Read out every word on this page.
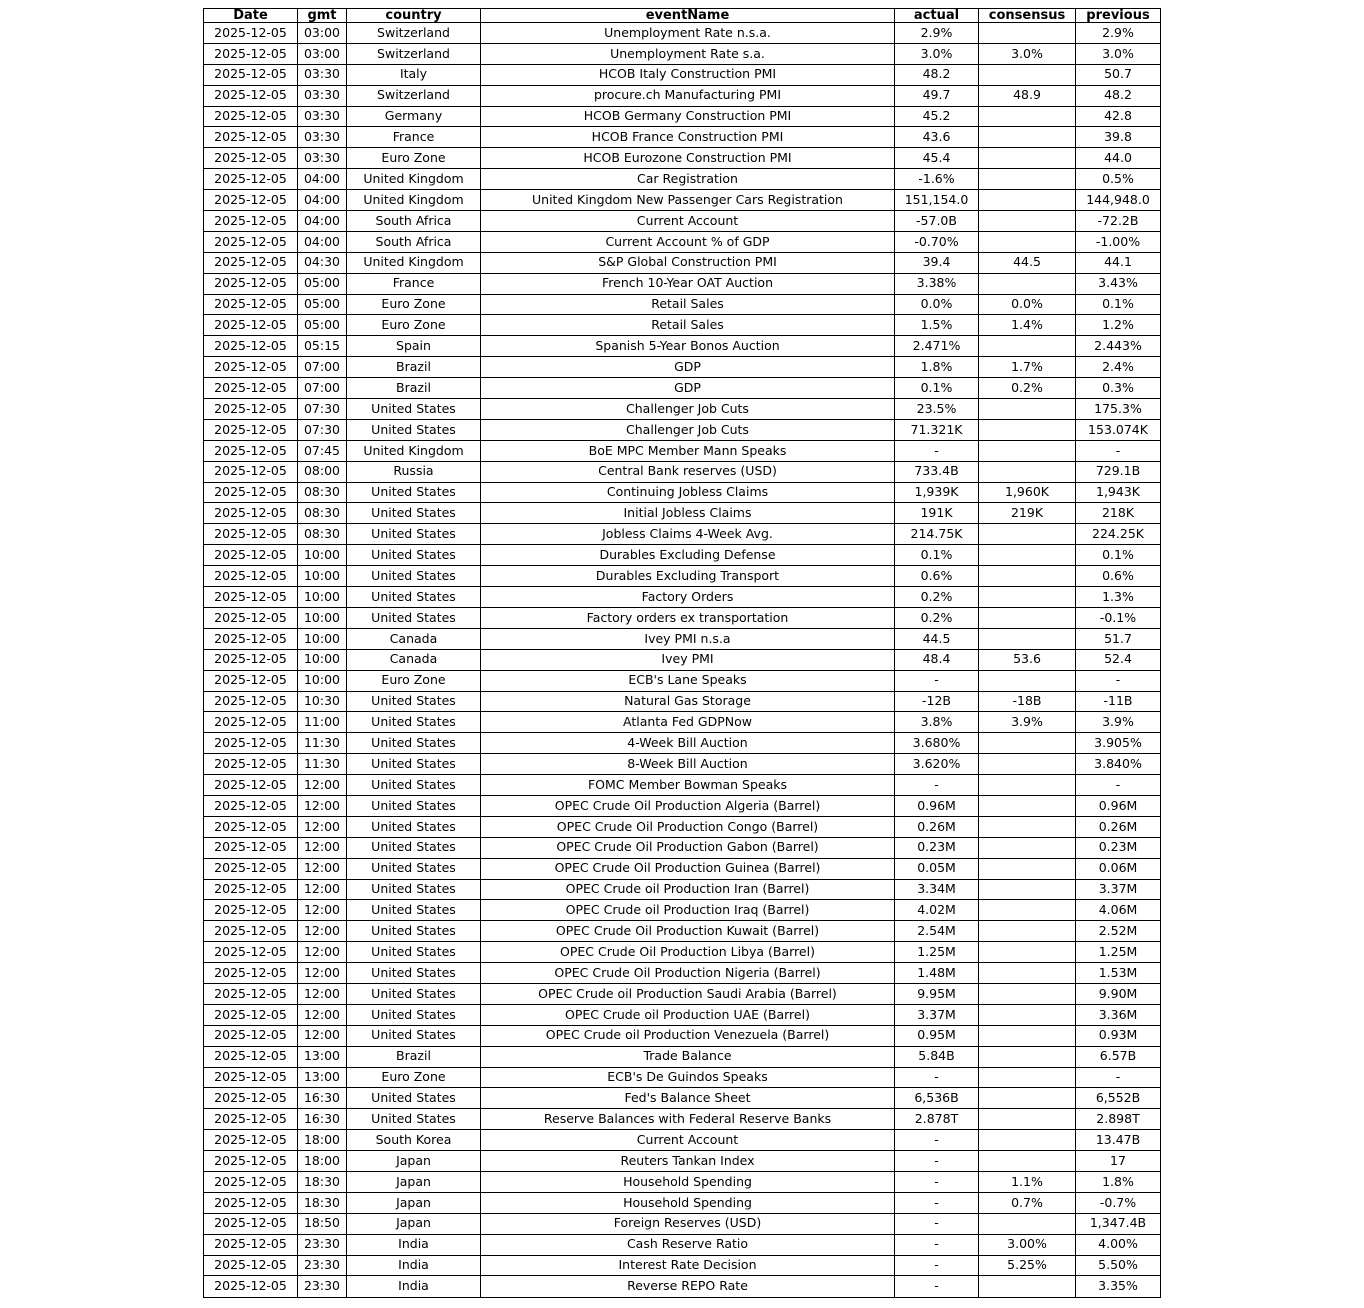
Date	gmt	country	eventName	actual	consensus	previous
2025-12-05	03:00	Switzerland	Unemployment Rate n.s.a.	2.9%		2.9%
2025-12-05	03:00	Switzerland	Unemployment Rate s.a.	3.0%	3.0%	3.0%
2025-12-05	03:30	Italy	HCOB Italy Construction PMI	48.2		50.7
2025-12-05	03:30	Switzerland	procure.ch Manufacturing PMI	49.7	48.9	48.2
2025-12-05	03:30	Germany	HCOB Germany Construction PMI	45.2		42.8
2025-12-05	03:30	France	HCOB France Construction PMI	43.6		39.8
2025-12-05	03:30	Euro Zone	HCOB Eurozone Construction PMI	45.4		44.0
2025-12-05	04:00	United Kingdom	Car Registration	-1.6%		0.5%
2025-12-05	04:00	United Kingdom	United Kingdom New Passenger Cars Registration	151,154.0		144,948.0
2025-12-05	04:00	South Africa	Current Account	-57.0B		-72.2B
2025-12-05	04:00	South Africa	Current Account % of GDP	-0.70%		-1.00%
2025-12-05	04:30	United Kingdom	S&P Global Construction PMI	39.4	44.5	44.1
2025-12-05	05:00	France	French 10-Year OAT Auction	3.38%		3.43%
2025-12-05	05:00	Euro Zone	Retail Sales	0.0%	0.0%	0.1%
2025-12-05	05:00	Euro Zone	Retail Sales	1.5%	1.4%	1.2%
2025-12-05	05:15	Spain	Spanish 5-Year Bonos Auction	2.471%		2.443%
2025-12-05	07:00	Brazil	GDP	1.8%	1.7%	2.4%
2025-12-05	07:00	Brazil	GDP	0.1%	0.2%	0.3%
2025-12-05	07:30	United States	Challenger Job Cuts	23.5%		175.3%
2025-12-05	07:30	United States	Challenger Job Cuts	71.321K		153.074K
2025-12-05	07:45	United Kingdom	BoE MPC Member Mann Speaks	-		-
2025-12-05	08:00	Russia	Central Bank reserves (USD)	733.4B		729.1B
2025-12-05	08:30	United States	Continuing Jobless Claims	1,939K	1,960K	1,943K
2025-12-05	08:30	United States	Initial Jobless Claims	191K	219K	218K
2025-12-05	08:30	United States	Jobless Claims 4-Week Avg.	214.75K		224.25K
2025-12-05	10:00	United States	Durables Excluding Defense	0.1%		0.1%
2025-12-05	10:00	United States	Durables Excluding Transport	0.6%		0.6%
2025-12-05	10:00	United States	Factory Orders	0.2%		1.3%
2025-12-05	10:00	United States	Factory orders ex transportation	0.2%		-0.1%
2025-12-05	10:00	Canada	Ivey PMI n.s.a	44.5		51.7
2025-12-05	10:00	Canada	Ivey PMI	48.4	53.6	52.4
2025-12-05	10:00	Euro Zone	ECB's Lane Speaks	-		-
2025-12-05	10:30	United States	Natural Gas Storage	-12B	-18B	-11B
2025-12-05	11:00	United States	Atlanta Fed GDPNow	3.8%	3.9%	3.9%
2025-12-05	11:30	United States	4-Week Bill Auction	3.680%		3.905%
2025-12-05	11:30	United States	8-Week Bill Auction	3.620%		3.840%
2025-12-05	12:00	United States	FOMC Member Bowman Speaks	-		-
2025-12-05	12:00	United States	OPEC Crude Oil Production Algeria (Barrel)	0.96M		0.96M
2025-12-05	12:00	United States	OPEC Crude Oil Production Congo (Barrel)	0.26M		0.26M
2025-12-05	12:00	United States	OPEC Crude Oil Production Gabon (Barrel)	0.23M		0.23M
2025-12-05	12:00	United States	OPEC Crude Oil Production Guinea (Barrel)	0.05M		0.06M
2025-12-05	12:00	United States	OPEC Crude oil Production Iran (Barrel)	3.34M		3.37M
2025-12-05	12:00	United States	OPEC Crude oil Production Iraq (Barrel)	4.02M		4.06M
2025-12-05	12:00	United States	OPEC Crude Oil Production Kuwait (Barrel)	2.54M		2.52M
2025-12-05	12:00	United States	OPEC Crude Oil Production Libya (Barrel)	1.25M		1.25M
2025-12-05	12:00	United States	OPEC Crude Oil Production Nigeria (Barrel)	1.48M		1.53M
2025-12-05	12:00	United States	OPEC Crude oil Production Saudi Arabia (Barrel)	9.95M		9.90M
2025-12-05	12:00	United States	OPEC Crude oil Production UAE (Barrel)	3.37M		3.36M
2025-12-05	12:00	United States	OPEC Crude oil Production Venezuela (Barrel)	0.95M		0.93M
2025-12-05	13:00	Brazil	Trade Balance	5.84B		6.57B
2025-12-05	13:00	Euro Zone	ECB's De Guindos Speaks	-		-
2025-12-05	16:30	United States	Fed's Balance Sheet	6,536B		6,552B
2025-12-05	16:30	United States	Reserve Balances with Federal Reserve Banks	2.878T		2.898T
2025-12-05	18:00	South Korea	Current Account	-		13.47B
2025-12-05	18:00	Japan	Reuters Tankan Index	-		17
2025-12-05	18:30	Japan	Household Spending	-	1.1%	1.8%
2025-12-05	18:30	Japan	Household Spending	-	0.7%	-0.7%
2025-12-05	18:50	Japan	Foreign Reserves (USD)	-		1,347.4B
2025-12-05	23:30	India	Cash Reserve Ratio	-	3.00%	4.00%
2025-12-05	23:30	India	Interest Rate Decision	-	5.25%	5.50%
2025-12-05	23:30	India	Reverse REPO Rate	-		3.35%
